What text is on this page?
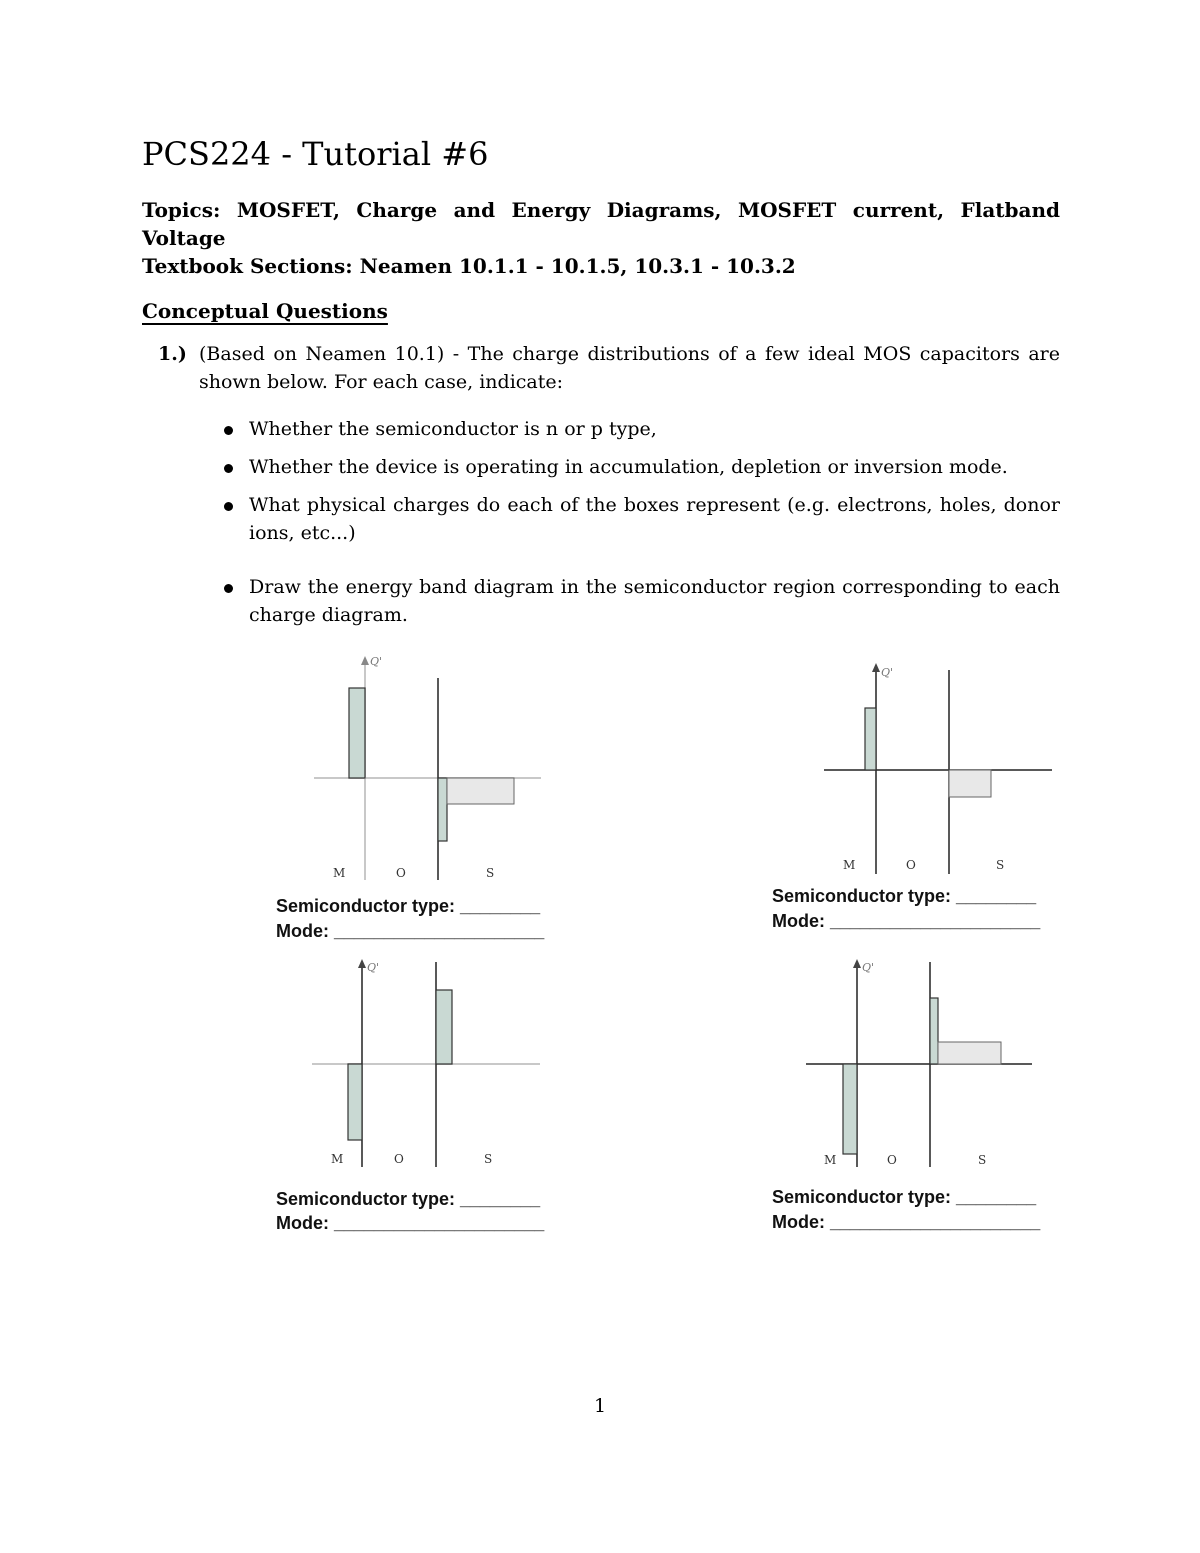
PCS224 - Tutorial #6
Topics: MOSFET, Charge and Energy Diagrams, MOSFET current, Flatband Voltage
Textbook Sections: Neamen 10.1.1 - 10.1.5, 10.3.1 - 10.3.2
Conceptual Questions
1.) (Based on Neamen 10.1) - The charge distributions of a few ideal MOS capacitors are shown below. For each case, indicate:
Whether the semiconductor is n or p type,
Whether the device is operating in accumulation, depletion or inversion mode.
What physical charges do each of the boxes represent (e.g. electrons, holes, donor ions, etc...)
Draw the energy band diagram in the semiconductor region corresponding to each charge diagram.
Q'
M	O	S
Semiconductor type: ________
Mode: _____________________
Q'
M	O	S
Semiconductor type: ________
Mode: _____________________
Q'
M	O	S
Semiconductor type: ________
Mode: _____________________
Q'
M	O	S
Semiconductor type: ________
Mode: _____________________
1
